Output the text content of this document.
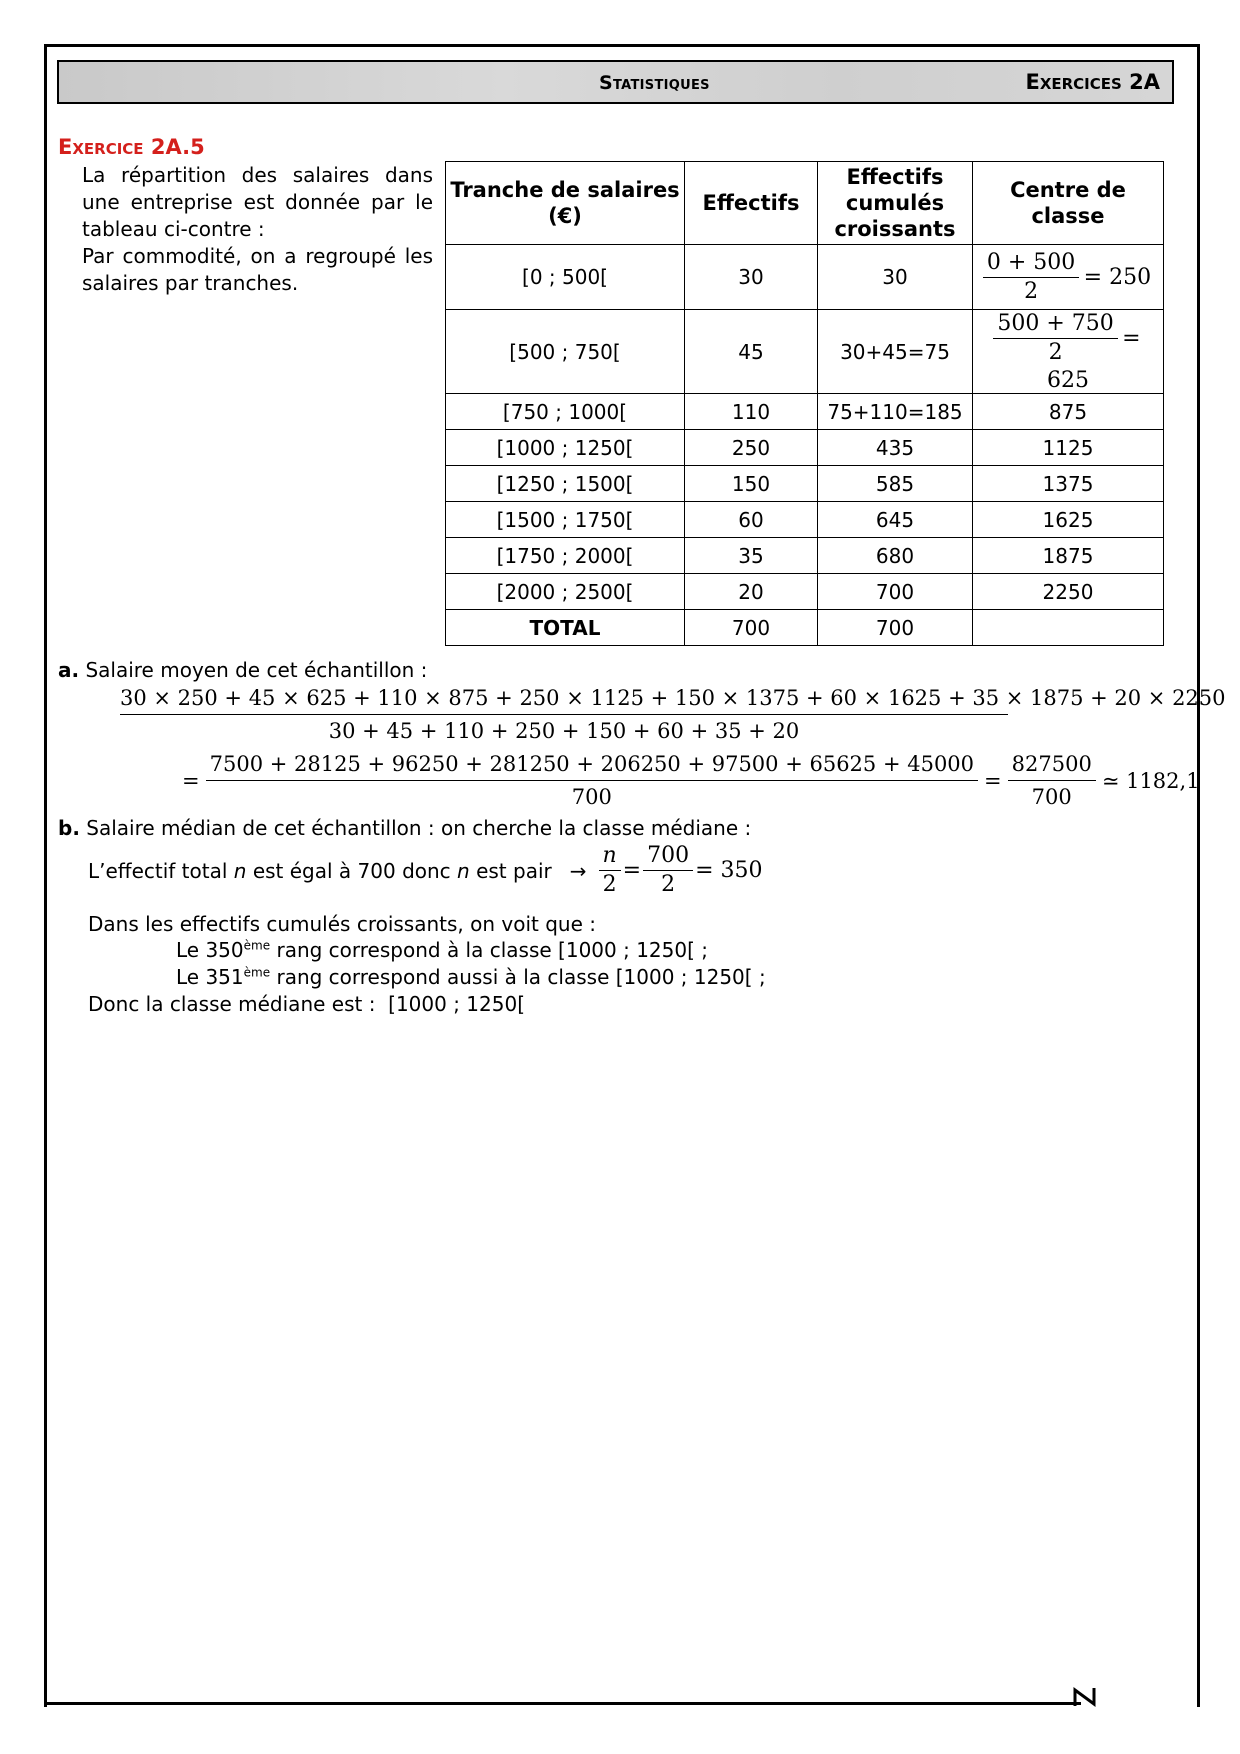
Statistiques	Exercices 2A
Exercice 2A.5

La répartition des salaires dans une entreprise est donnée par le tableau ci-contre :

Par commodité, on a regroupé les salaires par tranches.

Tranche de salaires (€)	Effectifs	Effectifs cumulés croissants	Centre de classe
[0 ; 500[	30	30	$\frac{0 + 500}{2} = 250$
[500 ; 750[	45	30+45=75	$\frac{500 + 750}{2} = 625$
[750 ; 1000[	110	75+110=185	875
[1000 ; 1250[	250	435	1125
[1250 ; 1500[	150	585	1375
[1500 ; 1750[	60	645	1625
[1750 ; 2000[	35	680	1875
[2000 ; 2500[	20	700	2250
TOTAL	700	700	
a. Salaire moyen de cet échantillon :
30 × 250 + 45 × 625 + 110 × 875 + 250 × 1125 + 150 × 1375 + 60 × 1625 + 35 × 1875 + 20 × 2250
30 + 45 + 110 + 250 + 150 + 60 + 35 + 20
=
7500 + 28125 + 96250 + 281250 + 206250 + 97500 + 65625 + 45000
700
= $\frac{827500}{700}$ ≃ 1182,1
b. Salaire médian de cet échantillon : on cherche la classe médiane :
L’effectif total n est égal à 700 donc n est pair → $\frac{n}{2} = \frac{700}{2} = 350$
Dans les effectifs cumulés croissants, on voit que :
Le 350ème rang correspond à la classe [1000 ; 1250[ ;
Le 351ème rang correspond aussi à la classe [1000 ; 1250[ ;
Donc la classe médiane est :  [1000 ; 1250[
